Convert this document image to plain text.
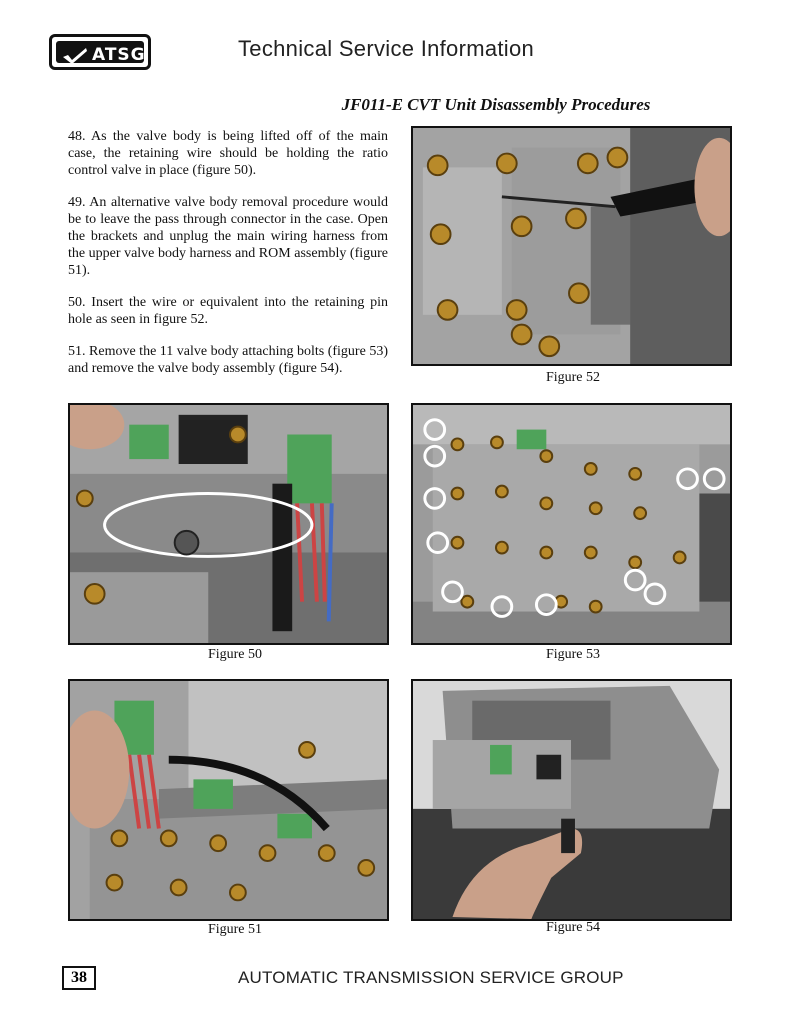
ATSG	Technical Service Information
JF011-E CVT Unit Disassembly Procedures

48. As the valve body is being lifted off of the main case, the retaining wire should be holding the ratio control valve in place (figure 50).

49. An alternative valve body removal procedure would be to leave the pass through connector in the case. Open the brackets and unplug the main wiring harness from the upper valve body harness and ROM assembly (figure 51).

50. Insert the wire or equivalent into the retaining pin hole as seen in figure 52.

51. Remove the 11 valve body attaching bolts (figure 53) and remove the valve body assembly (figure 54).

Figure 52
Figure 50	Figure 53
Figure 51	Figure 54
38	AUTOMATIC TRANSMISSION SERVICE GROUP
